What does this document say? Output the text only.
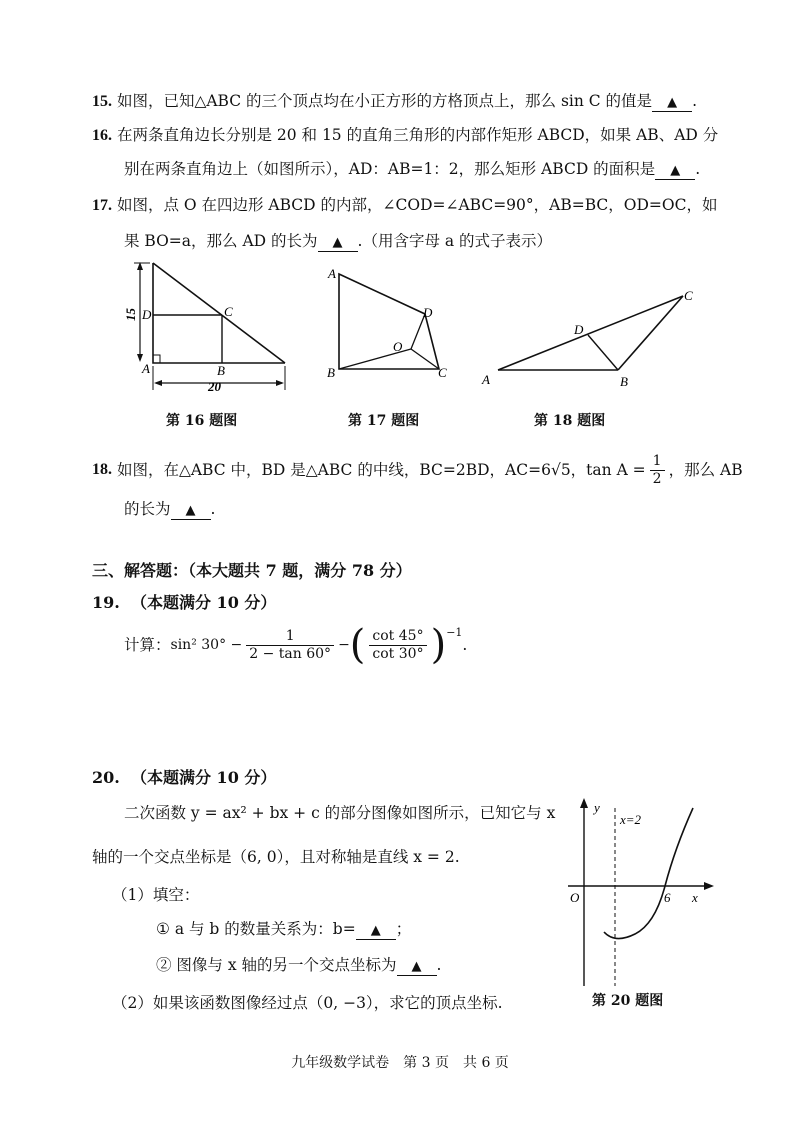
15. 如图，已知△ABC 的三个顶点均在小正方形的方格顶点上，那么 sin C 的值是 ▲ .
16. 在两条直角边长分别是 20 和 15 的直角三角形的内部作矩形 ABCD，如果 AB、AD 分
别在两条直角边上（如图所示），AD：AB=1：2，那么矩形 ABCD 的面积是 ▲ .
17. 如图，点 O 在四边形 ABCD 的内部，∠COD=∠ABC=90°，AB=BC，OD=OC，如
果 BO=a，那么 AD 的长为 ▲ .（用含字母 a 的式子表示）
15
20
D	C
A	B
第 16 题图
A
D
O
B	C
第 17 题图
A	B
C
D
第 18 题图
18.
如图，在△ABC 中，BD 是△ABC 的中线，BC=2BD，AC=6√5，$\tan A = \frac{1}{2}$ ，那么 AB
的长为 ▲ .
三、解答题：（本大题共 7 题，满分 78 分）
19. （本题满分 10 分）
计算： sin² $30^\circ - \frac{1}{2 - \tan 60^\circ}$ − ( $\frac{\cot 45^\circ}{\cot 30^\circ} )^{-1}$
.
20. （本题满分 10 分）
二次函数 y = ax² + bx + c 的部分图像如图所示，已知它与 x
轴的一个交点坐标是（6, 0），且对称轴是直线 x = 2.
（1）填空：
① a 与 b 的数量关系为：b= ▲ ；
② 图像与 x 轴的另一个交点坐标为 ▲ .
（2）如果该函数图像经过点（0, −3），求它的顶点坐标.
y
x=2
O	6 x
第 20 题图
九年级数学试卷　第 3 页　共 6 页
